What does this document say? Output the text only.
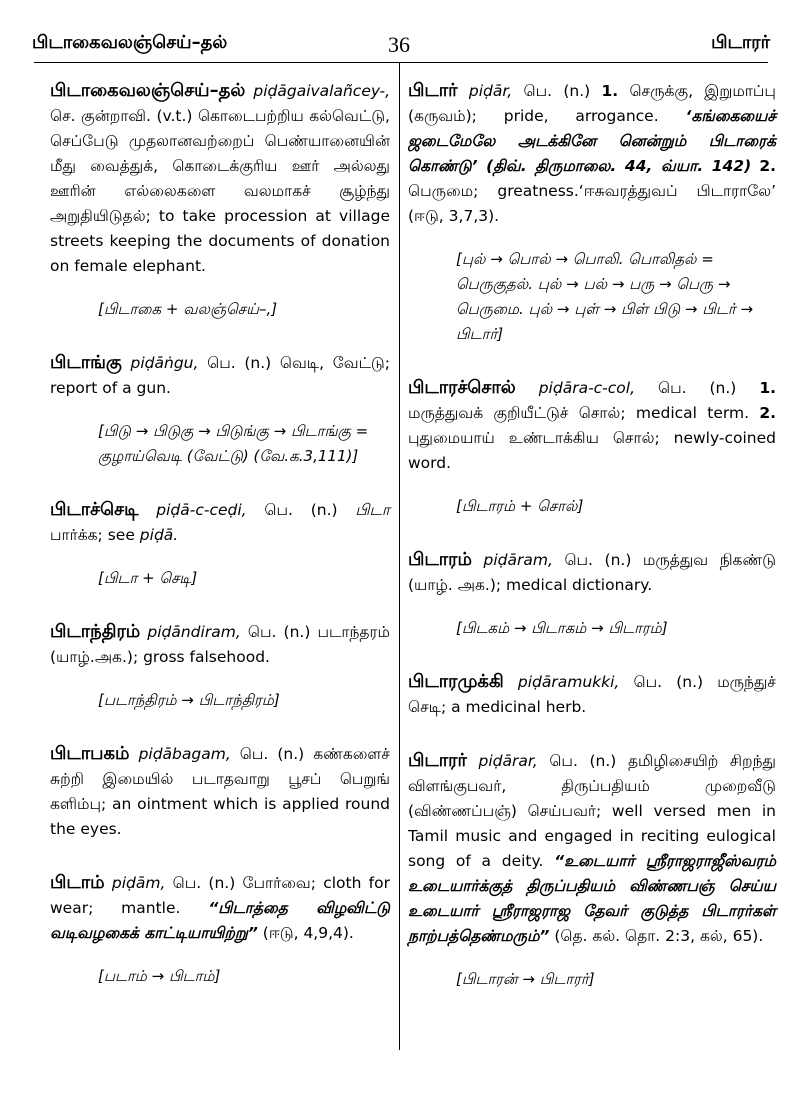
பிடாகைவலஞ்செய்–தல்	36	பிடாரர்
பிடாகைவலஞ்செய்–தல் piḍāgaivalañcey-, செ. குன்றாவி. (v.t.) கொடைபற்றிய கல்வெட்டு, செப்பேடு முதலானவற்றைப் பெண்யானையின் மீது வைத்துக், கொடைக்குரிய ஊர் அல்லது ஊரின் எல்லைகளை வலமாகச் சூழ்ந்து அறுதியிடுதல்; to take procession at village streets keeping the documents of donation on female elephant.
[பிடாகை + வலஞ்செய்–,]
பிடாங்கு piḍāṅgu, பெ. (n.) வெடி, வேட்டு; report of a gun.
[பிடு → பிடுகு → பிடுங்கு → பிடாங்கு = குழாய்வெடி (வேட்டு) (வே.க.3,111)]
பிடாச்செடி piḍā-c-ceḍi, பெ. (n.) பிடா பார்க்க; see piḍā.
[பிடா + செடி]
பிடாந்திரம் piḍāndiram, பெ. (n.) படாந்தரம் (யாழ்.அக.); gross falsehood.
[படாந்திரம் → பிடாந்திரம்]
பிடாபகம் piḍābagam, பெ. (n.) கண்களைச் சுற்றி இமையில் படாதவாறு பூசப் பெறுங் களிம்பு; an ointment which is applied round the eyes.
பிடாம் piḍām, பெ. (n.) போர்வை; cloth for wear; mantle. “பிடாத்தை விழவிட்டு வடிவழகைக் காட்டியாயிற்று” (ஈடு, 4,9,4).
[படாம் → பிடாம்]
பிடார் piḍār, பெ. (n.) 1. செருக்கு, இறுமாப்பு (கருவம்); pride, arrogance. ‘கங்கையைச் ஜடைமேலே அடக்கினே னென்றும் பிடாரைக் கொண்டு’ (திவ். திருமாலை. 44, வ்யா. 142) 2. பெருமை; greatness.‘ஈசுவரத்துவப் பிடாராலே’ (ஈடு, 3,7,3).
[புல் → பொல் → பொலி. பொலிதல் = பெருகுதல். புல் → பல் → பரு → பெரு → பெருமை. புல் → புள் → பிள் பிடு → பிடர் → பிடார்]
பிடாரச்சொல் piḍāra-c-col, பெ. (n.) 1. மருத்துவக் குறியீட்டுச் சொல்; medical term. 2. புதுமையாய் உண்டாக்கிய சொல்; newly-coined word.
[பிடாரம் + சொல்]
பிடாரம் piḍāram, பெ. (n.) மருத்துவ நிகண்டு (யாழ். அக.); medical dictionary.
[பிடகம் → பிடாகம் → பிடாரம்]
பிடாரமுக்கி piḍāramukki, பெ. (n.) மருந்துச் செடி; a medicinal herb.
பிடாரர் piḍārar, பெ. (n.) தமிழிசையிற் சிறந்து விளங்குபவர், திருப்பதியம் முறைவீடு (விண்ணப்பஞ்) செய்பவர்; well versed men in Tamil music and engaged in reciting eulogical song of a deity. “உடையார் ஸ்ரீராஜராஜீஸ்வரம் உடையார்க்குத் திருப்பதியம் விண்ணபஞ் செய்ய உடையார் ஸ்ரீராஜராஜ தேவர் குடுத்த பிடாரர்கள் நாற்பத்தெண்மரும்” (தெ. கல். தொ. 2:3, கல், 65).
[பிடாரன் → பிடாரர்]
